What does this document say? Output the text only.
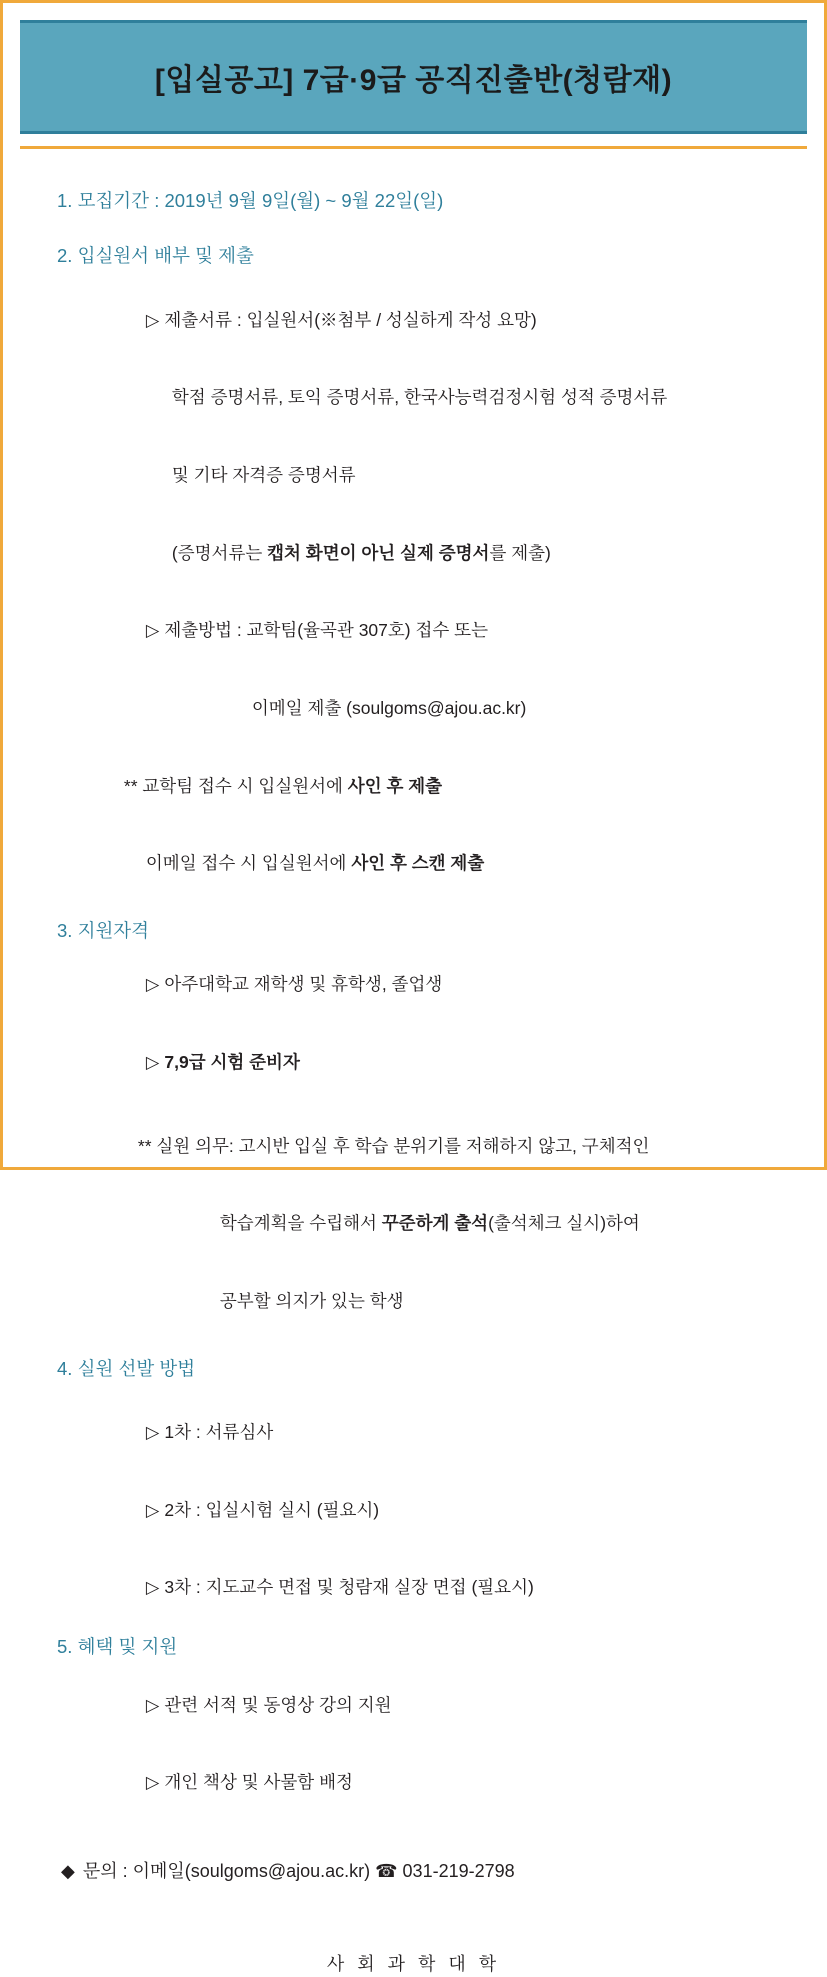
[입실공고] 7급·9급 공직진출반(청람재)
1. 모집기간 : 2019년 9월 9일(월) ~ 9월 22일(일)
2. 입실원서 배부 및 제출

▷ 제출서류 : 입실원서(※첨부 / 성실하게 작성 요망)

학점 증명서류, 토익 증명서류, 한국사능력검정시험 성적 증명서류

및 기타 자격증 증명서류

(증명서류는 캡처 화면이 아닌 실제 증명서를 제출)

▷ 제출방법 : 교학팀(율곡관 307호) 접수 또는

이메일 제출 (soulgoms@ajou.ac.kr)

** 교학팀 접수 시 입실원서에 사인 후 제출

이메일 접수 시 입실원서에 사인 후 스캔 제출

3. 지원자격

▷ 아주대학교 재학생 및 휴학생, 졸업생

▷ 7,9급 시험 준비자

** 실원 의무: 고시반 입실 후 학습 분위기를 저해하지 않고, 구체적인

학습계획을 수립해서 꾸준하게 출석(출석체크 실시)하여

공부할 의지가 있는 학생

4. 실원 선발 방법

▷ 1차 : 서류심사

▷ 2차 : 입실시험 실시 (필요시)

▷ 3차 : 지도교수 면접 및 청람재 실장 면접 (필요시)

5. 혜택 및 지원

▷ 관련 서적 및 동영상 강의 지원

▷ 개인 책상 및 사물함 배정

◆ 문의 : 이메일(soulgoms@ajou.ac.kr) ☎ 031-219-2798
사 회 과 학 대 학
